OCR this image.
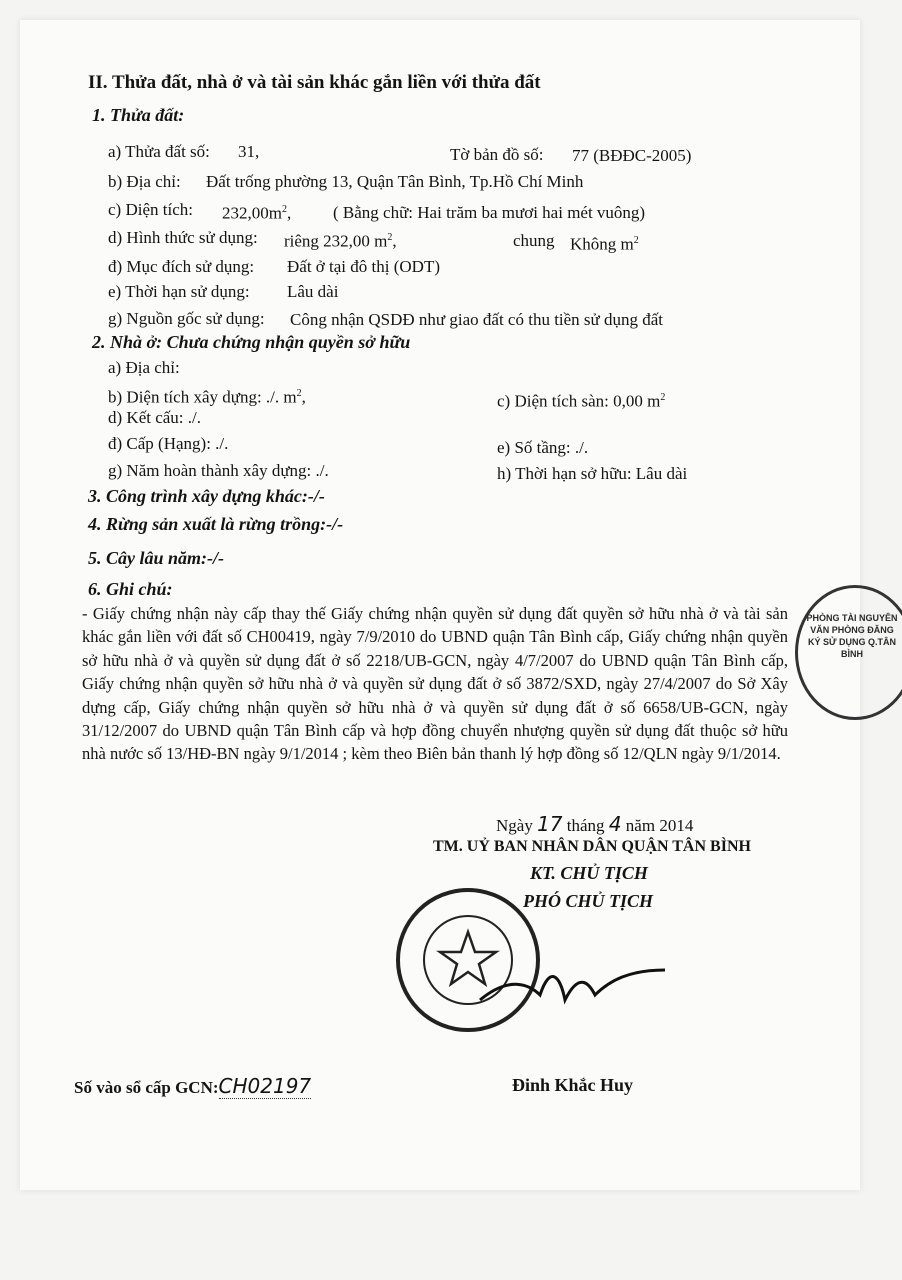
II. Thửa đất, nhà ở và tài sản khác gắn liền với thửa đất
1. Thửa đất:
a) Thửa đất số: 31,	Tờ bản đồ số: 77 (BĐĐC-2005)
b) Địa chỉ: Đất trống phường 13, Quận Tân Bình, Tp.Hồ Chí Minh
c) Diện tích: $232,00m^2$, ( Bằng chữ: Hai trăm ba mươi hai mét vuông)
d) Hình thức sử dụng: riêng 232,00 $m^2$,	chung Không $m^2$
đ) Mục đích sử dụng: Đất ở tại đô thị (ODT)
e) Thời hạn sử dụng: Lâu dài
g) Nguồn gốc sử dụng: Công nhận QSDĐ như giao đất có thu tiền sử dụng đất
2. Nhà ở: Chưa chứng nhận quyền sở hữu
a) Địa chỉ:
b) Diện tích xây dựng: ./. $m^2$,	c) Diện tích sàn: 0,00 $m^2$
d) Kết cấu: ./.
đ) Cấp (Hạng): ./.	e) Số tầng: ./.
g) Năm hoàn thành xây dựng: ./.	h) Thời hạn sở hữu: Lâu dài
3. Công trình xây dựng khác:-/-
4. Rừng sản xuất là rừng trồng:-/-
5. Cây lâu năm:-/-
6. Ghi chú:
- Giấy chứng nhận này cấp thay thế Giấy chứng nhận quyền sử dụng đất quyền sở hữu nhà ở và tài sản khác gắn liền với đất số CH00419, ngày 7/9/2010 do UBND quận Tân Bình cấp, Giấy chứng nhận quyền sở hữu nhà ở và quyền sử dụng đất ở số 2218/UB-GCN, ngày 4/7/2007 do UBND quận Tân Bình cấp, Giấy chứng nhận quyền sở hữu nhà ở và quyền sử dụng đất ở số 3872/SXD, ngày 27/4/2007 do Sở Xây dựng cấp, Giấy chứng nhận quyền sở hữu nhà ở và quyền sử dụng đất ở số 6658/UB-GCN, ngày 31/12/2007 do UBND quận Tân Bình cấp và hợp đồng chuyển nhượng quyền sử dụng đất thuộc sở hữu nhà nước số 13/HĐ-BN ngày 9/1/2014 ; kèm theo Biên bản thanh lý hợp đồng số 12/QLN ngày 9/1/2014.
Ngày 17 tháng 4 năm 2014
TM. UỶ BAN NHÂN DÂN QUẬN TÂN BÌNH
KT. CHỦ TỊCH
PHÓ CHỦ TỊCH
PHÒNG TÀI NGUYÊN VĂN PHÒNG ĐĂNG KÝ SỬ DỤNG Q.TÂN BÌNH
Số vào sổ cấp GCN:CH02197	Đinh Khắc Huy
